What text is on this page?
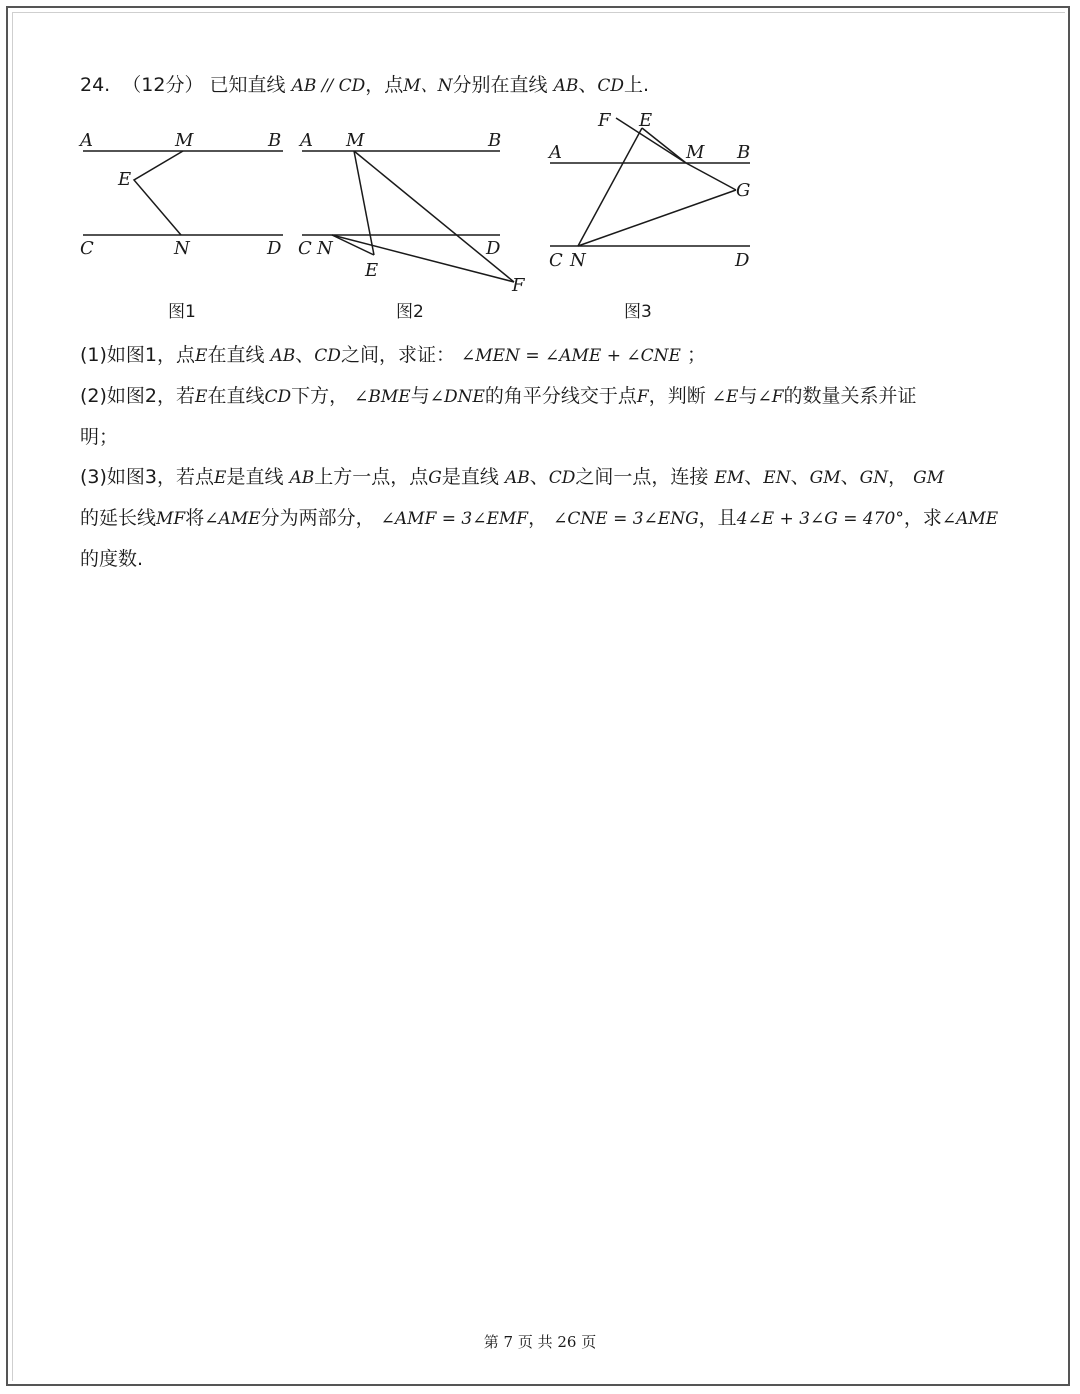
24. （12分） 已知直线 AB // CD，点M、N分别在直线 AB、CD上.
A	M	B
E
C	N	D
图1
A M	B
C N	D
E
F
图2
F E
A	M B
G
C N	D
图3
(1)如图1，点E在直线 AB、CD之间，求证： ∠MEN = ∠AME + ∠CNE ；
(2)如图2，若E在直线CD下方， ∠BME与∠DNE的角平分线交于点F，判断 ∠E与∠F的数量关系并证
明；
(3)如图3，若点E是直线 AB上方一点，点G是直线 AB、CD之间一点，连接 EM、EN、GM、GN， GM
的延长线MF将∠AME分为两部分， ∠AMF = 3∠EMF， ∠CNE = 3∠ENG，且4∠E + 3∠G = 470°，求∠AME
的度数.
第 7 页 共 26 页
